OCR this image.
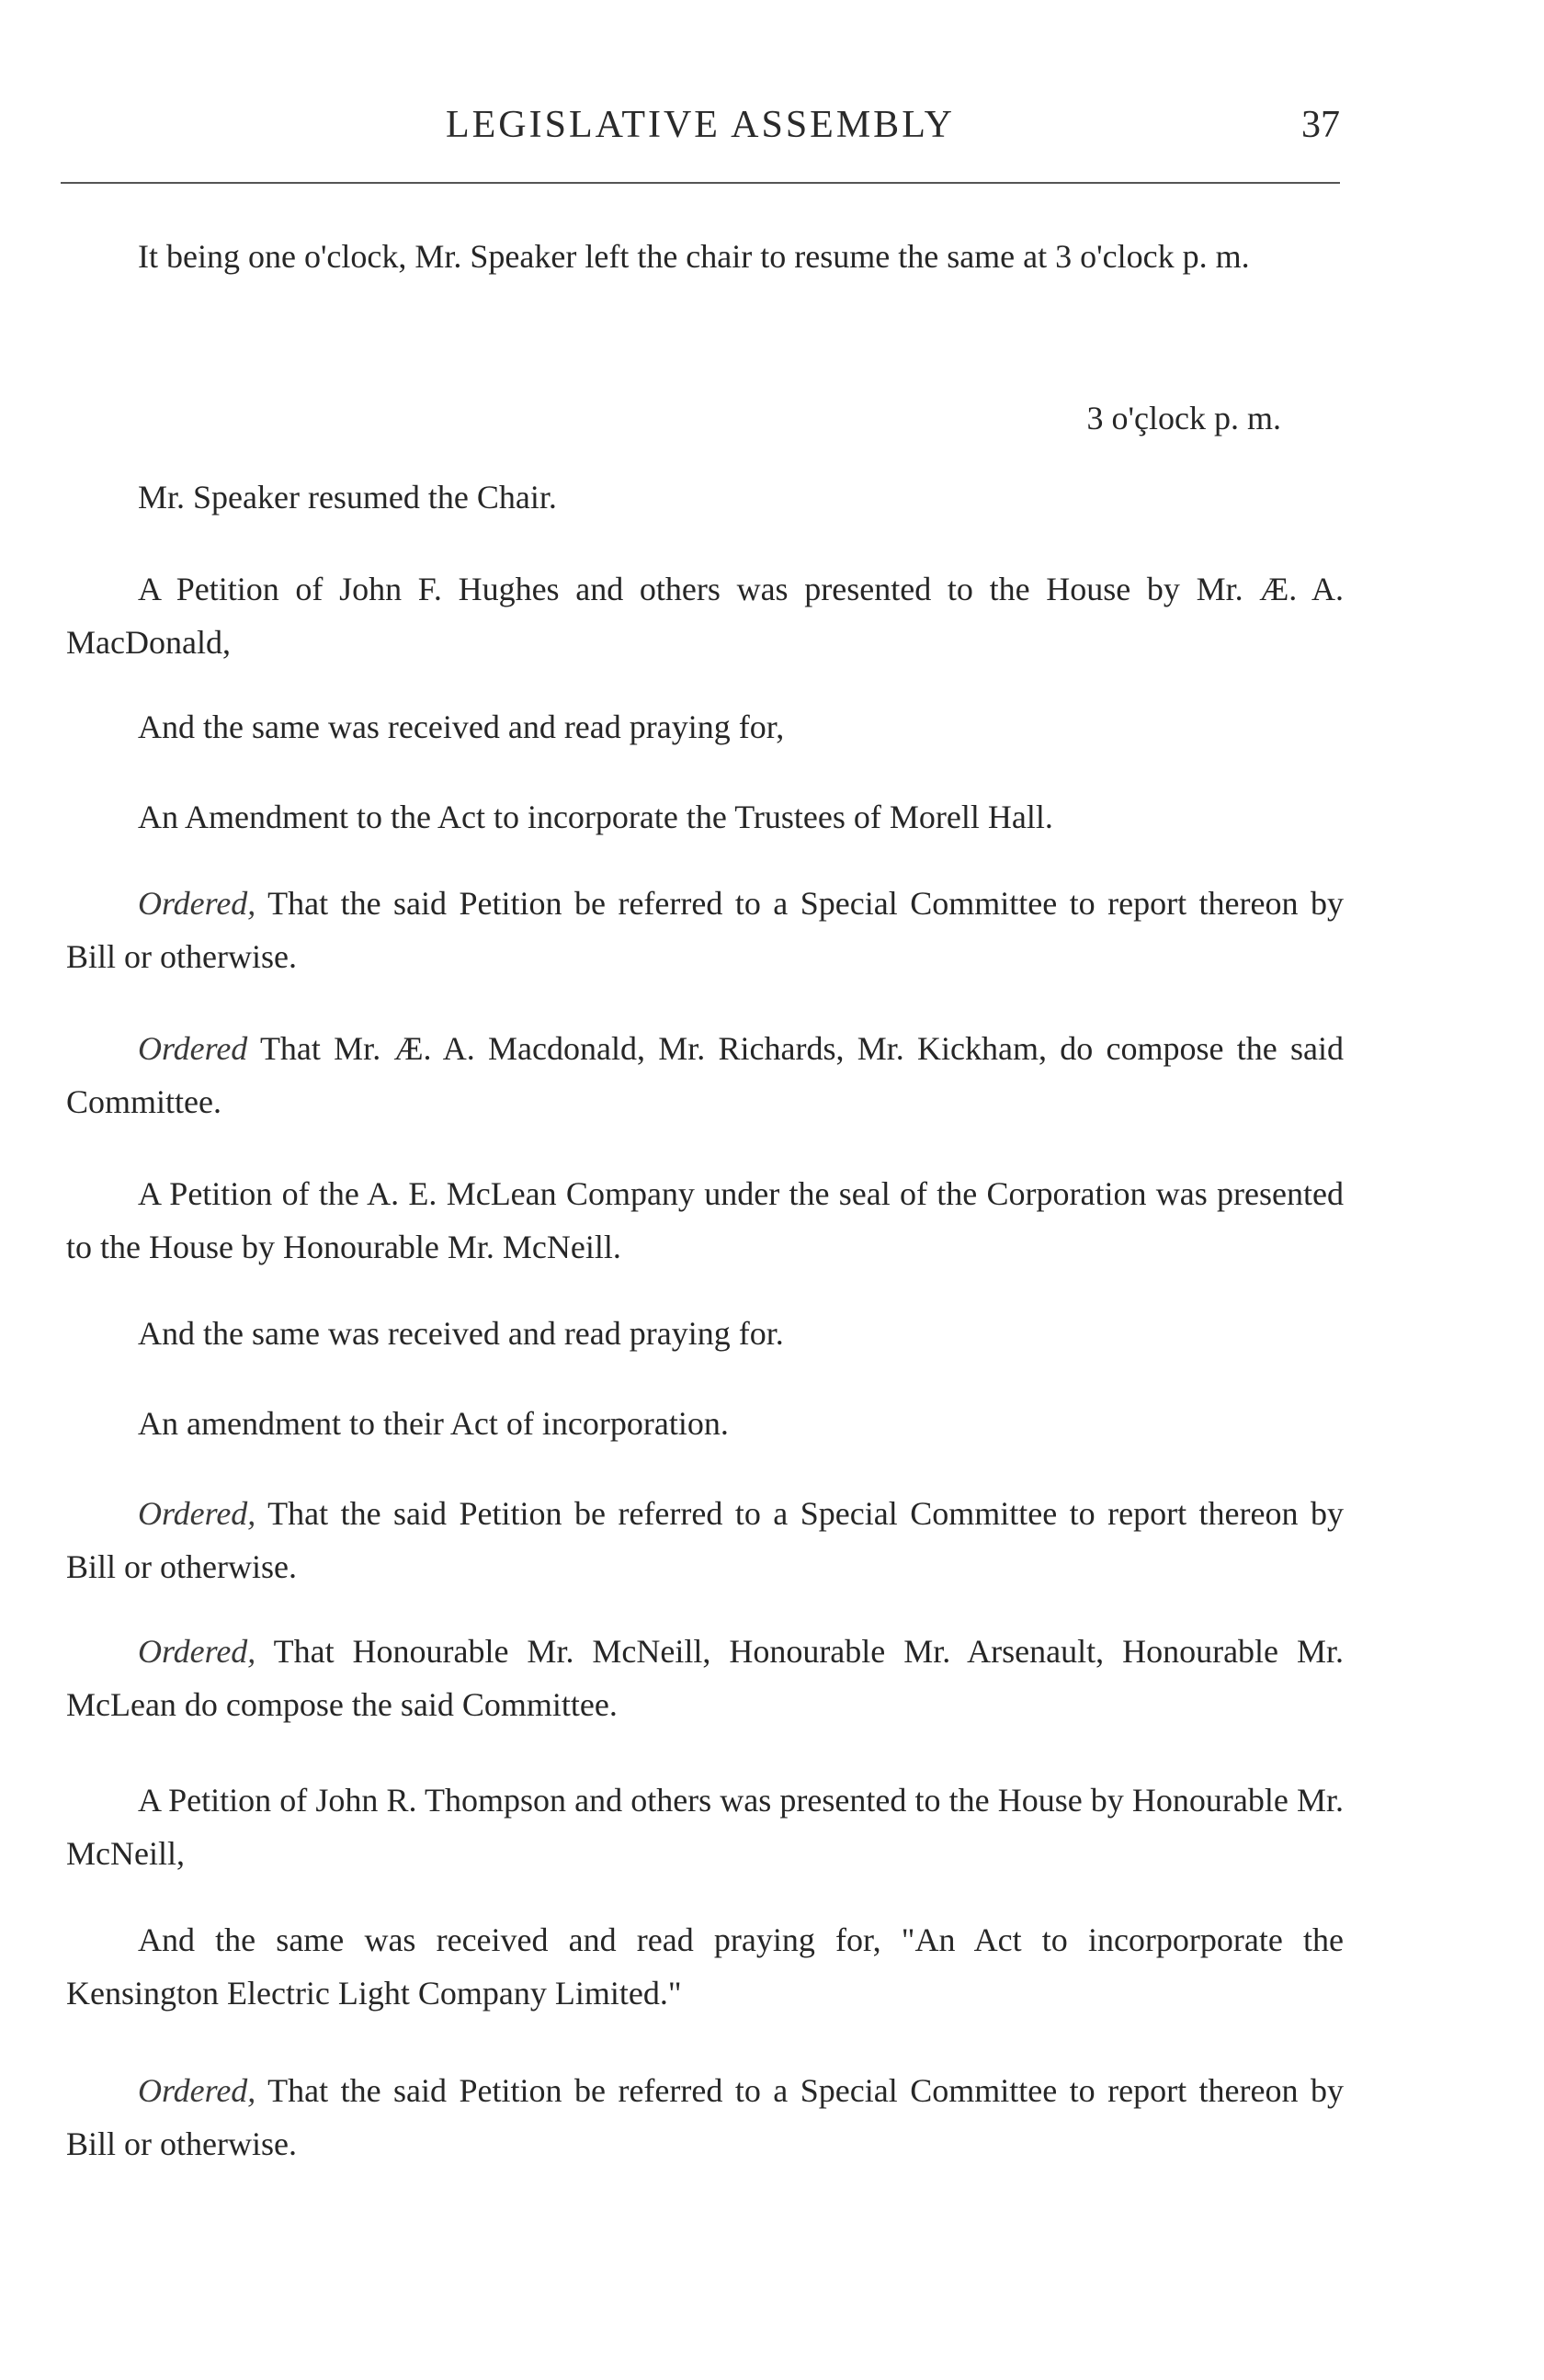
LEGISLATIVE ASSEMBLY	37

It being one o'clock, Mr. Speaker left the chair to resume the same at 3 o'clock p. m.

3 o'çlock p. m.

Mr. Speaker resumed the Chair.

A Petition of John F. Hughes and others was presented to the House by Mr. Æ. A. MacDonald,

And the same was received and read praying for,

An Amendment to the Act to incorporate the Trustees of Morell Hall.

Ordered, That the said Petition be referred to a Special Committee to report thereon by Bill or otherwise.

Ordered That Mr. Æ. A. Macdonald, Mr. Richards, Mr. Kickham, do compose the said Committee.

A Petition of the A. E. McLean Company under the seal of the Corporation was presented to the House by Honourable Mr. McNeill.

And the same was received and read praying for.

An amendment to their Act of incorporation.

Ordered, That the said Petition be referred to a Special Committee to report thereon by Bill or otherwise.

Ordered, That Honourable Mr. McNeill, Honourable Mr. Arsenault, Honourable Mr. McLean do compose the said Committee.

A Petition of John R. Thompson and others was presented to the House by Honourable Mr. McNeill,

And the same was received and read praying for, "An Act to incorporporate the Kensington Electric Light Company Limited."

Ordered, That the said Petition be referred to a Special Committee to report thereon by Bill or otherwise.
